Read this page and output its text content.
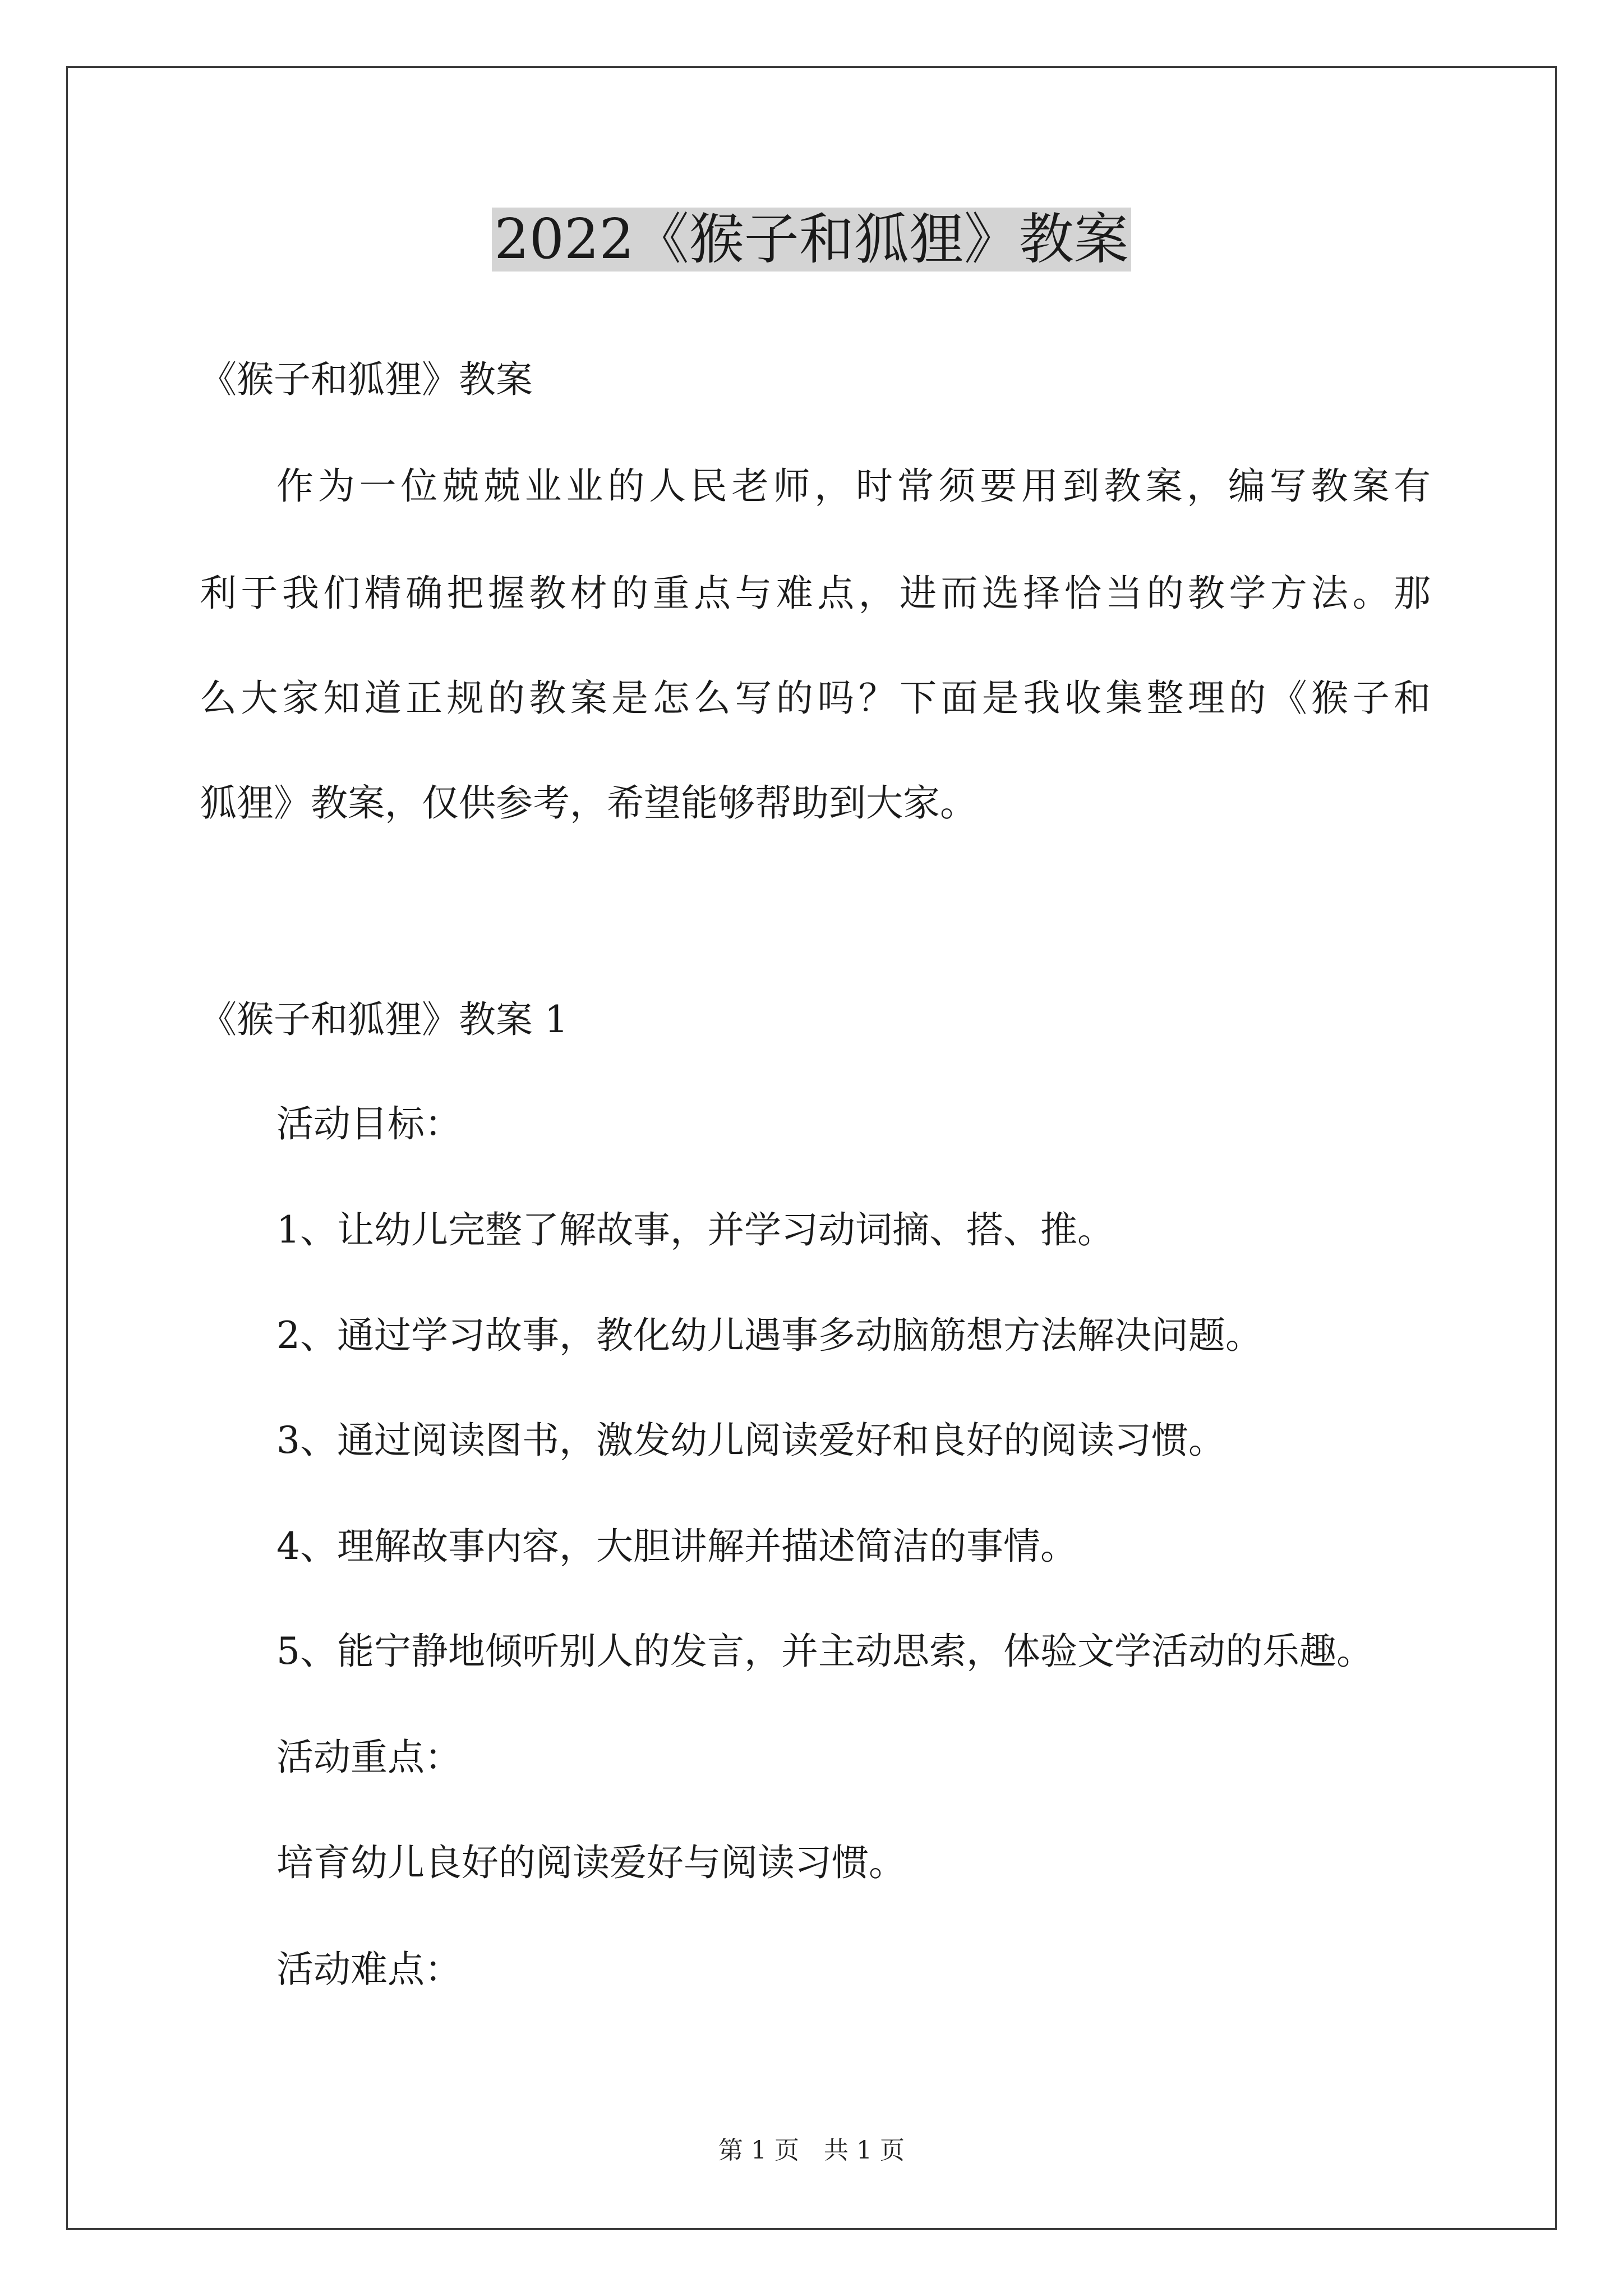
2022《猴子和狐狸》教案
《猴子和狐狸》教案
作为一位兢兢业业的人民老师，时常须要用到教案，编写教案有
利于我们精确把握教材的重点与难点，进而选择恰当的教学方法。那
么大家知道正规的教案是怎么写的吗？下面是我收集整理的《猴子和
狐狸》教案，仅供参考，希望能够帮助到大家。
《猴子和狐狸》教案 1
活动目标：
1、让幼儿完整了解故事，并学习动词摘、搭、推。
2、通过学习故事，教化幼儿遇事多动脑筋想方法解决问题。
3、通过阅读图书，激发幼儿阅读爱好和良好的阅读习惯。
4、理解故事内容，大胆讲解并描述简洁的事情。
5、能宁静地倾听别人的发言，并主动思索，体验文学活动的乐趣。
活动重点：
培育幼儿良好的阅读爱好与阅读习惯。
活动难点：
第 1 页　共 1 页
